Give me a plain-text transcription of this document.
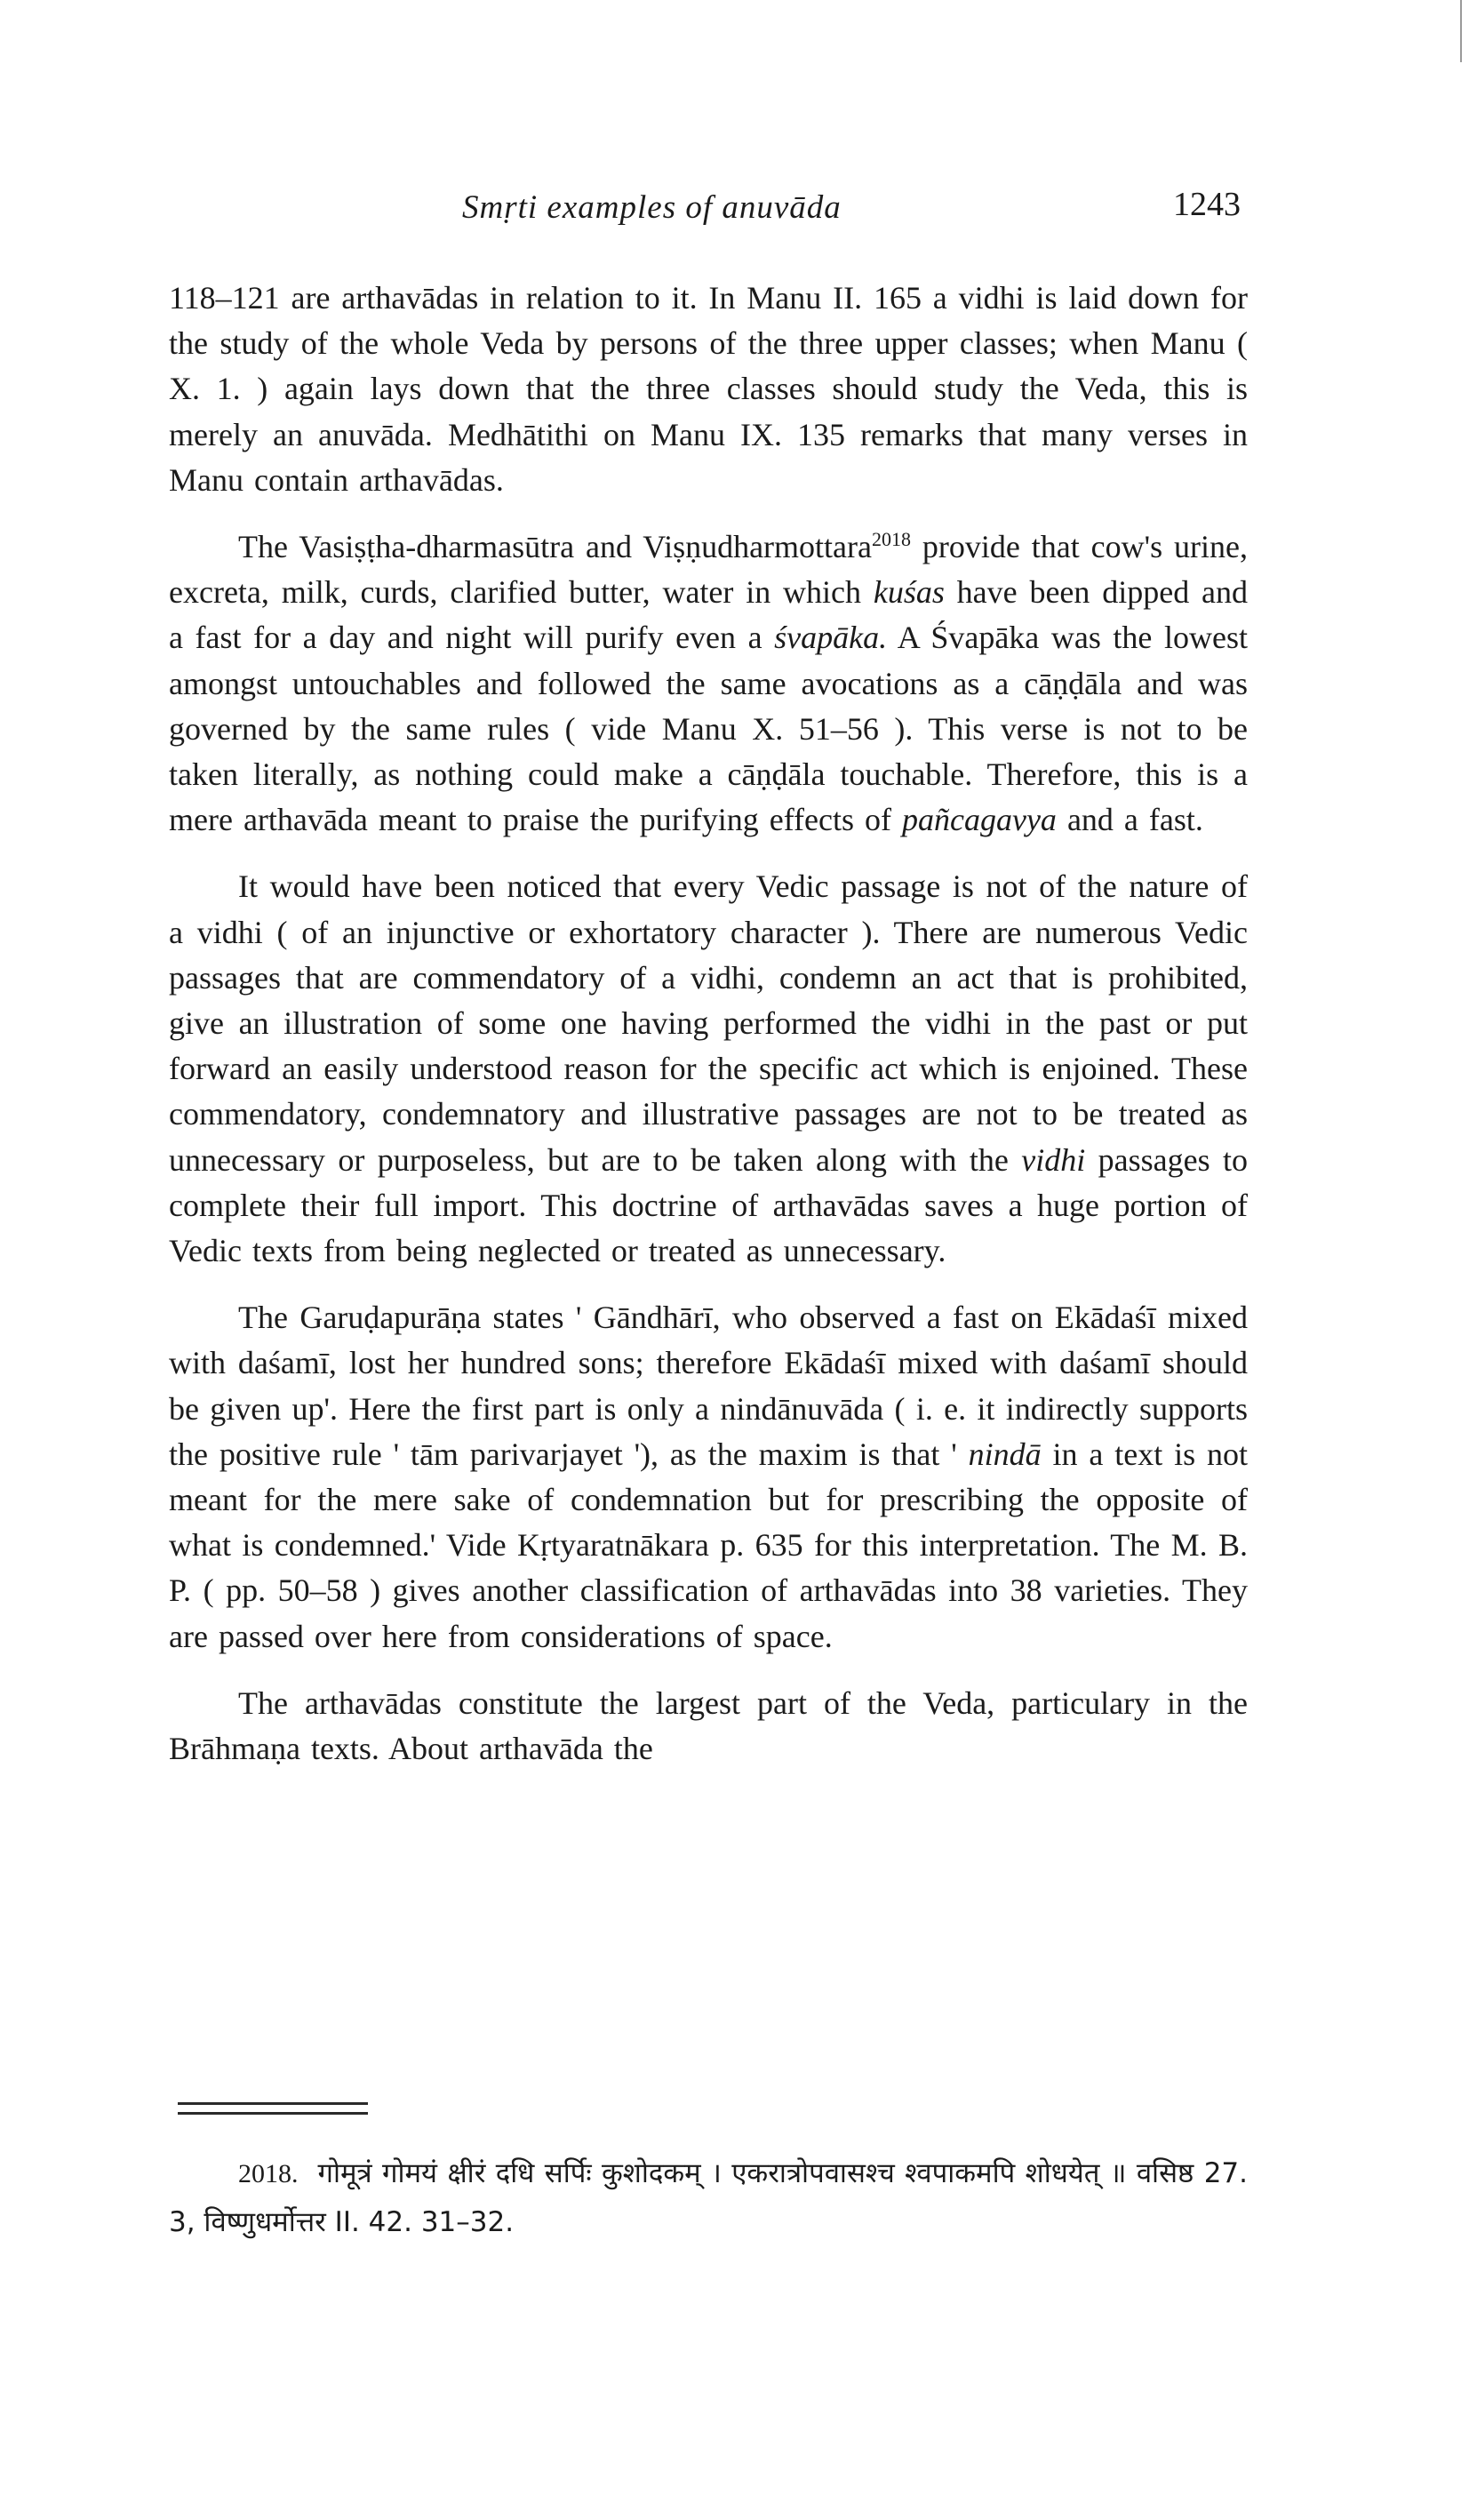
Smṛti examples of anuvāda	1243

118–121 are arthavādas in relation to it. In Manu II. 165 a vidhi is laid down for the study of the whole Veda by persons of the three upper classes; when Manu ( X. 1. ) again lays down that the three classes should study the Veda, this is merely an anuvāda. Medhātithi on Manu IX. 135 remarks that many verses in Manu contain arthavādas.

The Vasiṣṭha-dharmasūtra and Viṣṇudharmottara$^{2018}$ provide that cow's urine, excreta, milk, curds, clarified butter, water in which kuśas have been dipped and a fast for a day and night will purify even a śvapāka. A Śvapāka was the lowest amongst untouchables and followed the same avocations as a cāṇḍāla and was governed by the same rules ( vide Manu X. 51–56 ). This verse is not to be taken literally, as nothing could make a cāṇḍāla touchable. Therefore, this is a mere arthavāda meant to praise the purifying effects of pañcagavya and a fast.

It would have been noticed that every Vedic passage is not of the nature of a vidhi ( of an injunctive or exhortatory character ). There are numerous Vedic passages that are commendatory of a vidhi, condemn an act that is prohibited, give an illustration of some one having performed the vidhi in the past or put forward an easily understood reason for the specific act which is enjoined. These commendatory, condemnatory and illustrative passages are not to be treated as unnecessary or purposeless, but are to be taken along with the vidhi passages to complete their full import. This doctrine of arthavādas saves a huge portion of Vedic texts from being neglected or treated as unnecessary.

The Garuḍapurāṇa states ' Gāndhārī, who observed a fast on Ekādaśī mixed with daśamī, lost her hundred sons; therefore Ekādaśī mixed with daśamī should be given up'. Here the first part is only a nindānuvāda ( i. e. it indirectly supports the positive rule ' tām parivarjayet '), as the maxim is that ' nindā in a text is not meant for the mere sake of condemnation but for prescribing the opposite of what is condemned.' Vide Kṛtyaratnākara p. 635 for this interpretation. The M. B. P. ( pp. 50–58 ) gives another classification of arthavādas into 38 varieties. They are passed over here from considerations of space.

The arthavādas constitute the largest part of the Veda, particulary in the Brāhmaṇa texts. About arthavāda the

2018. गोमूत्रं गोमयं क्षीरं दधि सर्पिः कुशोदकम् । एकरात्रोपवासश्च श्वपाकमपि शोधयेत् ॥ वसिष्ठ 27. 3, विष्णुधर्मोत्तर II. 42. 31–32.
